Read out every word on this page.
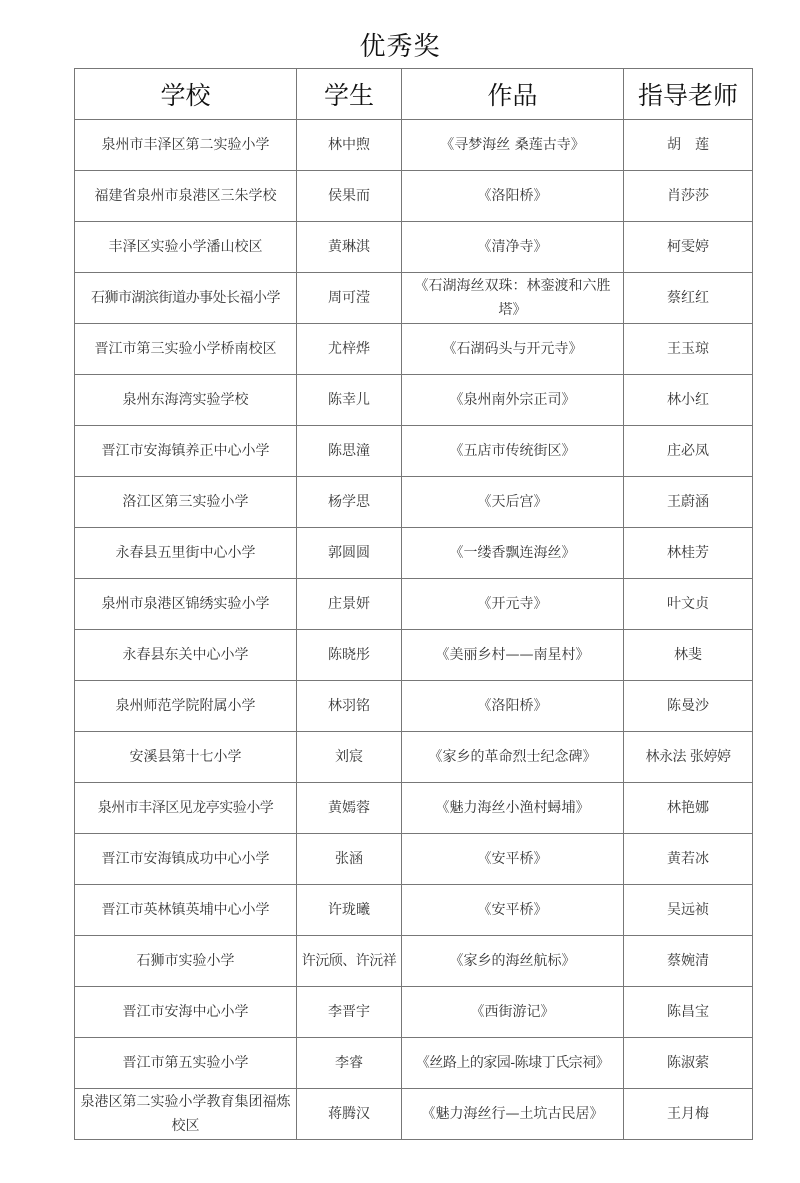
优秀奖
学校	学生	作品	指导老师
泉州市丰泽区第二实验小学	林中煦	《寻梦海丝 桑莲古寺》	胡　莲
福建省泉州市泉港区三朱学校	侯果而	《洛阳桥》	肖莎莎
丰泽区实验小学潘山校区	黄琳淇	《清净寺》	柯雯婷
石狮市湖滨街道办事处长福小学	周可滢	《石湖海丝双珠：林銮渡和六胜塔》	蔡红红
晋江市第三实验小学桥南校区	尤梓烨	《石湖码头与开元寺》	王玉琼
泉州东海湾实验学校	陈幸儿	《泉州南外宗正司》	林小红
晋江市安海镇养正中心小学	陈思潼	《五店市传统街区》	庄必凤
洛江区第三实验小学	杨学思	《天后宫》	王蔚涵
永春县五里街中心小学	郭圆圆	《一缕香飘连海丝》	林桂芳
泉州市泉港区锦绣实验小学	庄景妍	《开元寺》	叶文贞
永春县东关中心小学	陈晓彤	《美丽乡村——南星村》	林斐
泉州师范学院附属小学	林羽铭	《洛阳桥》	陈曼沙
安溪县第十七小学	刘宸	《家乡的革命烈士纪念碑》	林永法 张婷婷
泉州市丰泽区见龙亭实验小学	黄嫣蓉	《魅力海丝小渔村蟳埔》	林艳娜
晋江市安海镇成功中心小学	张涵	《安平桥》	黄若冰
晋江市英林镇英埔中心小学	许珑曦	《安平桥》	吴远祯
石狮市实验小学	许沅颀、许沅祥	《家乡的海丝航标》	蔡婉清
晋江市安海中心小学	李晋宇	《西街游记》	陈昌宝
晋江市第五实验小学	李睿	《丝路上的家园-陈埭丁氏宗祠》	陈淑萦
泉港区第二实验小学教育集团福炼校区	蒋腾汉	《魅力海丝行—土坑古民居》	王月梅
